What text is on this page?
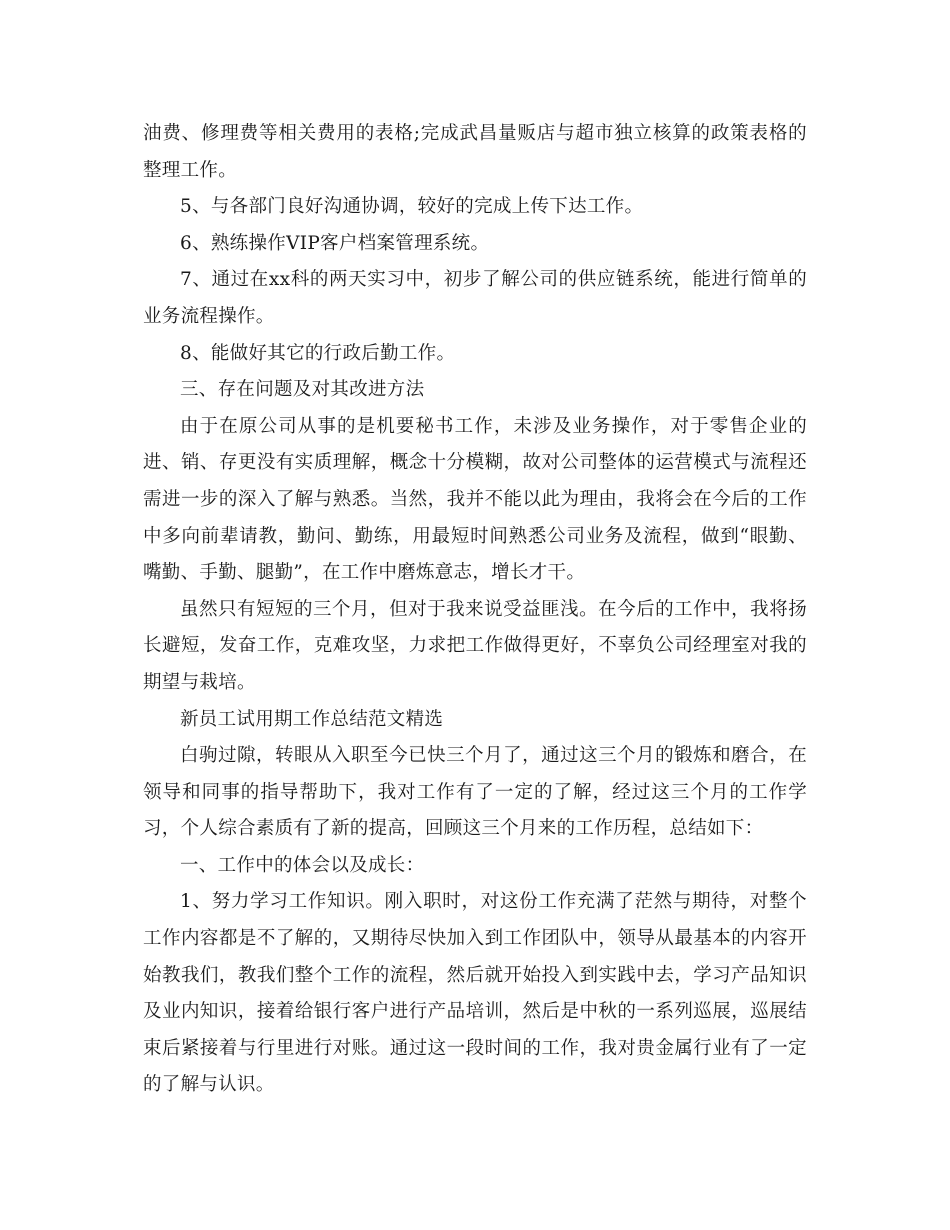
油费、修理费等相关费用的表格;完成武昌量贩店与超市独立核算的政策表格的整理工作。

5、与各部门良好沟通协调，较好的完成上传下达工作。

6、熟练操作VIP客户档案管理系统。

7、通过在xx科的两天实习中，初步了解公司的供应链系统，能进行简单的业务流程操作。

8、能做好其它的行政后勤工作。

三、存在问题及对其改进方法

由于在原公司从事的是机要秘书工作，未涉及业务操作，对于零售企业的进、销、存更没有实质理解，概念十分模糊，故对公司整体的运营模式与流程还需进一步的深入了解与熟悉。当然，我并不能以此为理由，我将会在今后的工作中多向前辈请教，勤问、勤练，用最短时间熟悉公司业务及流程，做到“眼勤、嘴勤、手勤、腿勤”，在工作中磨炼意志，增长才干。

虽然只有短短的三个月，但对于我来说受益匪浅。在今后的工作中，我将扬长避短，发奋工作，克难攻坚，力求把工作做得更好，不辜负公司经理室对我的期望与栽培。

新员工试用期工作总结范文精选

白驹过隙，转眼从入职至今已快三个月了，通过这三个月的锻炼和磨合，在领导和同事的指导帮助下，我对工作有了一定的了解，经过这三个月的工作学习，个人综合素质有了新的提高，回顾这三个月来的工作历程，总结如下：

一、工作中的体会以及成长：

1、努力学习工作知识。刚入职时，对这份工作充满了茫然与期待，对整个工作内容都是不了解的，又期待尽快加入到工作团队中，领导从最基本的内容开始教我们，教我们整个工作的流程，然后就开始投入到实践中去，学习产品知识及业内知识，接着给银行客户进行产品培训，然后是中秋的一系列巡展，巡展结束后紧接着与行里进行对账。通过这一段时间的工作，我对贵金属行业有了一定的了解与认识。
